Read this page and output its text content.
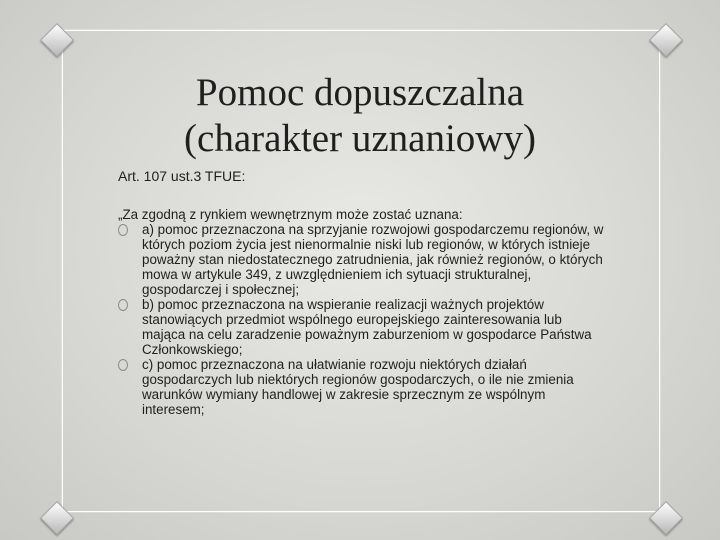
Pomoc dopuszczalna
(charakter uznaniowy)
Art. 107 ust.3 TFUE:
„Za zgodną z rynkiem wewnętrznym może zostać uznana:
a) pomoc przeznaczona na sprzyjanie rozwojowi gospodarczemu regionów, w których poziom życia jest nienormalnie niski lub regionów, w których istnieje poważny stan niedostatecznego zatrudnienia, jak również regionów, o których mowa w artykule 349, z uwzględnieniem ich sytuacji strukturalnej, gospodarczej i społecznej;
b) pomoc przeznaczona na wspieranie realizacji ważnych projektów stanowiących przedmiot wspólnego europejskiego zainteresowania lub mająca na celu zaradzenie poważnym zaburzeniom w gospodarce Państwa Członkowskiego;
c) pomoc przeznaczona na ułatwianie rozwoju niektórych działań gospodarczych lub niektórych regionów gospodarczych, o ile nie zmienia warunków wymiany handlowej w zakresie sprzecznym ze wspólnym interesem;
